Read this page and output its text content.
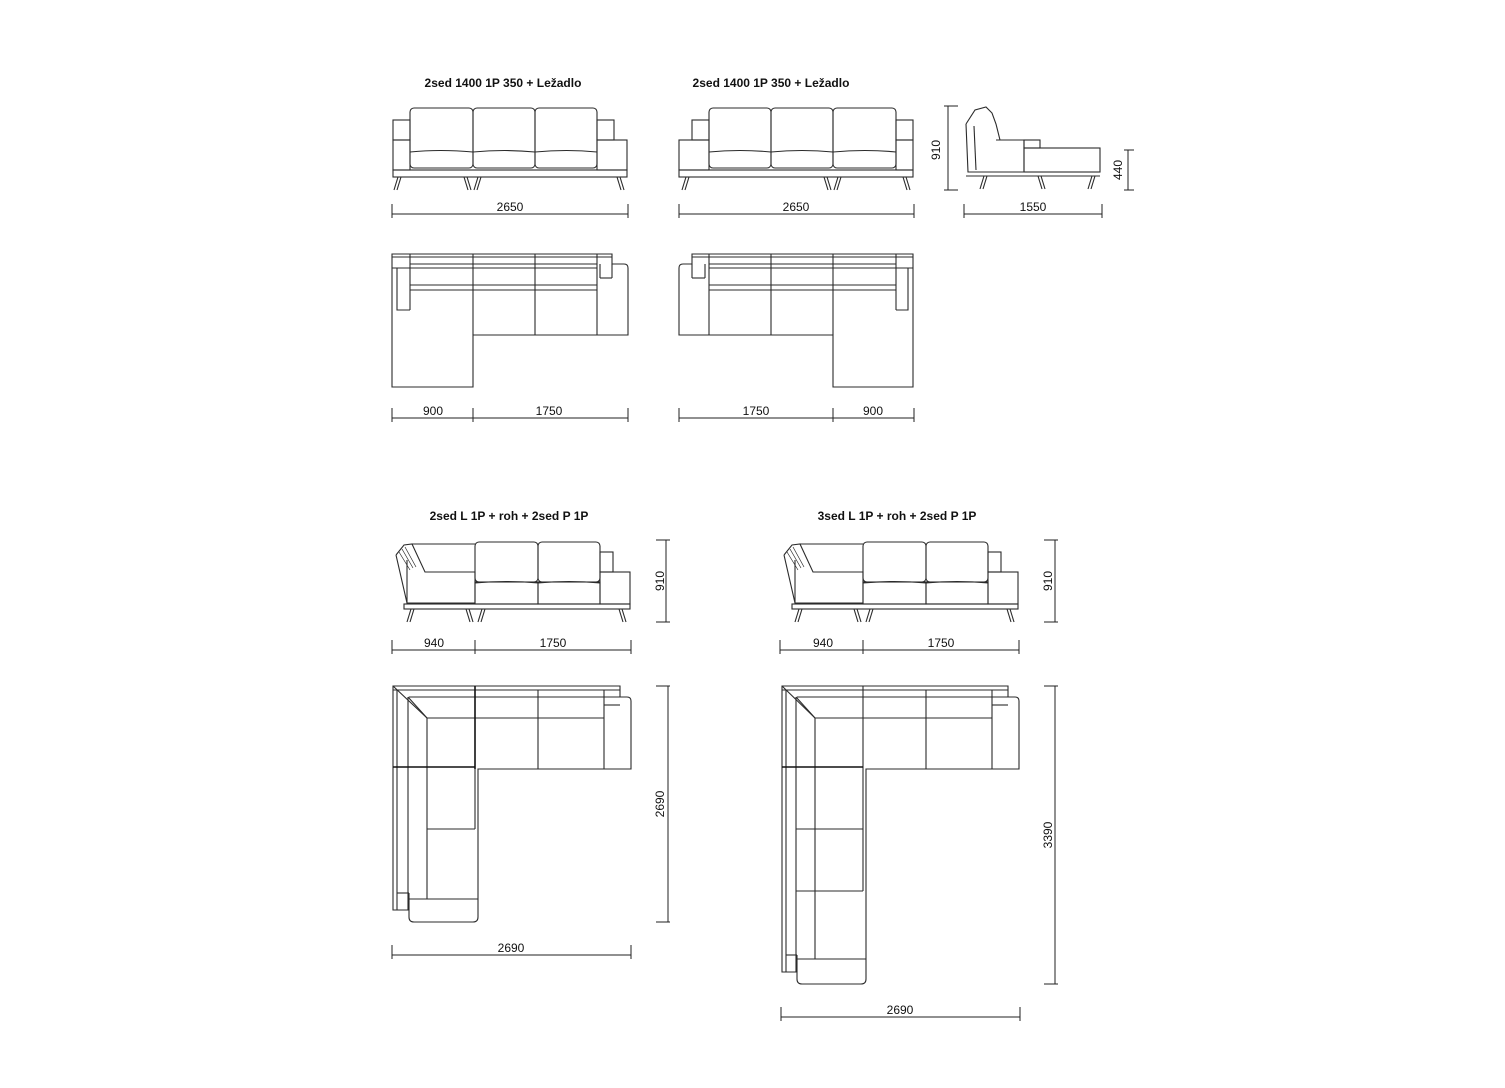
2sed 1400 1P 350 + Ležadlo	2sed 1400 1P 350 + Ležadlo
2sed L 1P + roh + 2sed P 1P	3sed L 1P + roh + 2sed P 1P
2650	2650	1550
910
440
900	1750	1750	900
940	1750
910
2690
2690
940	1750
910
3390
2690
